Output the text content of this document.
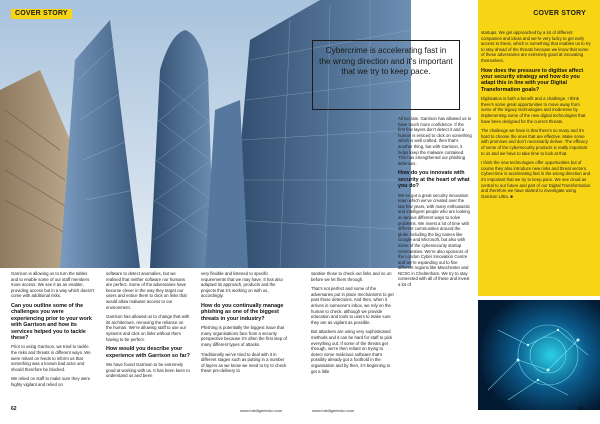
COVER STORY	COVER STORY

Garrison is allowing us to turn the tables and to enable some of our staff members more access. We see it as an enabler, providing access but in a way which doesn’t come with additional risks.

Can you outline some of the challenges you were experiencing prior to your work with Garrison and how its services helped you to tackle these?

Prior to using Garrison, we tried to tackle the risks and threats in different ways. We were reliant on feeds to inform us that something was a known bad actor and should therefore be blocked.

We relied on staff to make sure they were highly vigilant and relied on

software to detect anomalies, but we realised that neither software nor humans are perfect. Some of the adversaries have become clever in the way they target our users and entice them to click on links that would allow malware access to our environment.

Garrison has allowed us to change that with its architecture, removing the reliance on the human. We’re allowing staff to use our systems and click on links without them having to be perfect.

How would you describe your experience with Garrison so far?

We have found Garrison to be extremely good at working with us. It has been keen to understand us and been

very flexible and listened to specific requirements that we may have. It has also adapted its approach, products and the projects that it’s working on with us, accordingly.

How do you continually manage phishing as one of the biggest threats in your industry?

Phishing is potentially the biggest issue that many organisations face from a security perspective because it’s often the first step of many different types of attacks.

Traditionally we’ve tried to deal with it in different stages such as putting in a number of layers as we know we need to try to check these pre-delivery to

sanitise those to check out links and so on before we let them through.

That’s not perfect and some of the adversaries put in place mechanisms to get past those detections. And then, when it arrives in someone’s inbox, we rely on the human to check, although we provide education and tools to users to make sure they are as vigilant as possible.

But attackers are using very sophisticated methods and it can be hard for staff to pick everything out. If some of the threats get through, we’re then reliant on trying to detect some malicious software that’s possibly already got a foothold in the organisation and by then, it’s beginning to get a little

Cybercrime is accelerating fast in the wrong direction and it’s important that we try to keep pace.

All too late. Garrison has allowed us to have much more confidence. If the first few layers don’t detect it and a human is enticed to click on something which is well crafted, then that’s another thing, but with Garrison, it helps keep the malware contained. This has strengthened our phishing defences.

How do you innovate with security at the heart of what you do?

We’ve got a great security innovation team which we’ve created over the last few years, with many enthusiastic and intelligent people who are looking at various different ways to solve problems. We invest a lot of time with different communities around the globe including the big names like Google and Microsoft, but also with some of the cybersecurity startup communities. We’re also sponsors of the London Cyber Innovation Centre and we’re expanding out to five different regions like Manchester and NCSC in Cheltenham. We try to stay connected with all of these and invest a lot of

startups. We get approached by a lot of different companies and ideas and we’re very lucky to get early access to these, which is something that enables us to try to stay ahead of the threats because we know that some of these adversaries are extremely good at innovating themselves.

How does the pressure to digitise affect your security strategy and how do you adapt this in line with your Digital Transformation goals?

Digitisation is both a benefit and a challenge. I think there’s some great opportunities to move away from some of the legacy technologies and modernise by implementing some of the new digital technologies that have been designed for the current threats.

The challenge we have is that there’s so many and it’s hard to choose the ones that are effective. Make some with promises and don’t necessarily deliver. The efficacy of some of the cybersecurity products is really important to us and we have to take time to look at that.

I think the new technologies offer opportunities but of course they also introduce new risks and threat vectors. Cybercrime is accelerating fast in the wrong direction and it’s important that we try to keep pace. We see cloud as central to our future and part of our Digital Transformation and therefore we have started to investigate using Garrison Ultra. ■

62	www.intelligentcisо.com	www.intelligentciso.com	63
